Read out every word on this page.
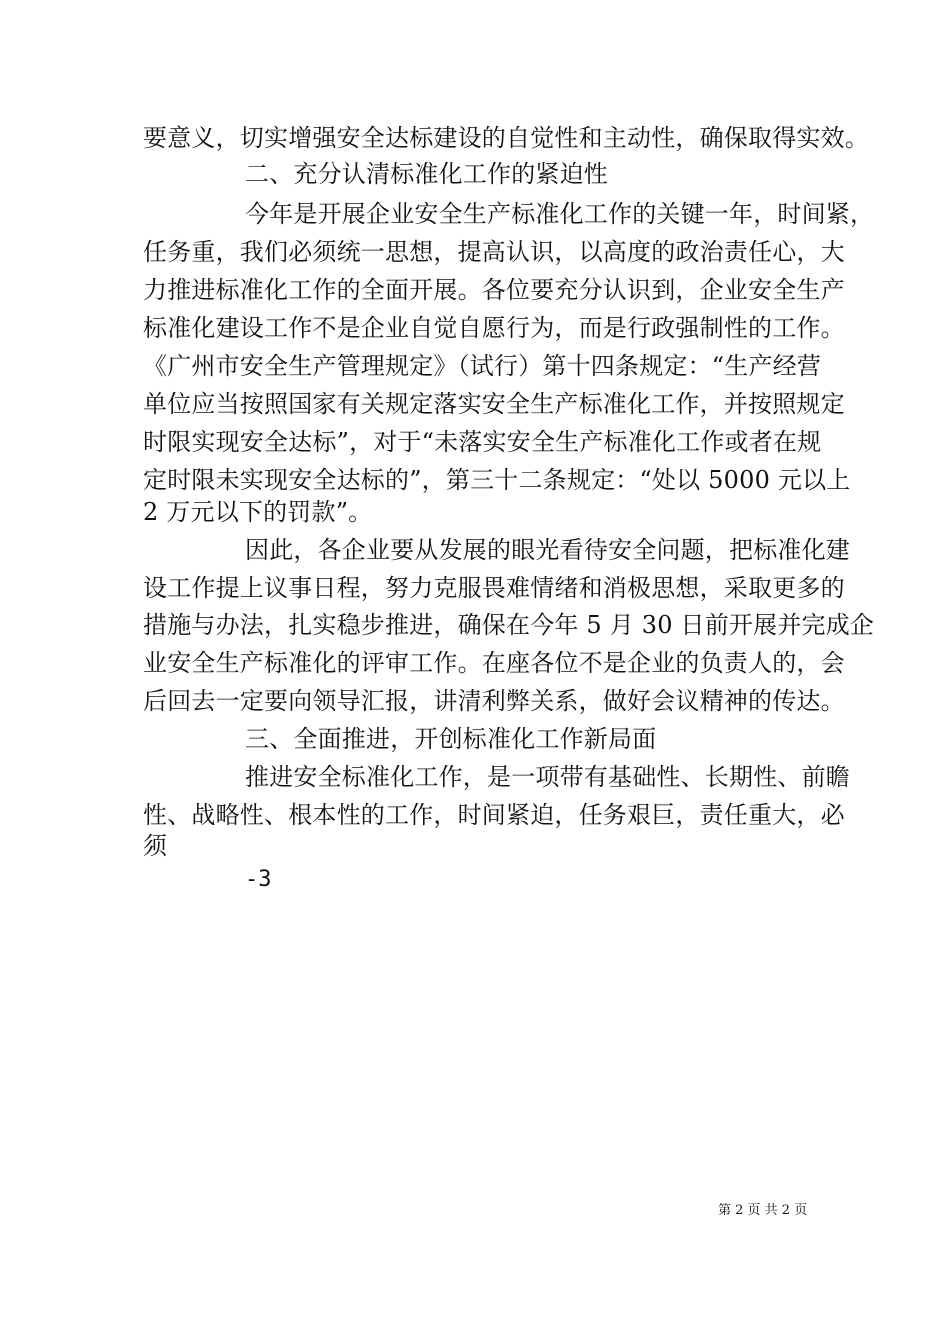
要意义，切实增强安全达标建设的自觉性和主动性，确保取得实效。
二、充分认清标准化工作的紧迫性
今年是开展企业安全生产标准化工作的关键一年，时间紧，
任务重，我们必须统一思想，提高认识，以高度的政治责任心，大
力推进标准化工作的全面开展。各位要充分认识到，企业安全生产
标准化建设工作不是企业自觉自愿行为，而是行政强制性的工作。
《广州市安全生产管理规定》（试行）第十四条规定：“生产经营
单位应当按照国家有关规定落实安全生产标准化工作，并按照规定
时限实现安全达标”，对于“未落实安全生产标准化工作或者在规
定时限未实现安全达标的”，第三十二条规定：“处以 5000 元以上
2 万元以下的罚款”。
因此，各企业要从发展的眼光看待安全问题，把标准化建
设工作提上议事日程，努力克服畏难情绪和消极思想，采取更多的
措施与办法，扎实稳步推进，确保在今年 5 月 30 日前开展并完成企
业安全生产标准化的评审工作。在座各位不是企业的负责人的，会
后回去一定要向领导汇报，讲清利弊关系，做好会议精神的传达。
三、全面推进，开创标准化工作新局面
推进安全标准化工作，是一项带有基础性、长期性、前瞻
性、战略性、根本性的工作，时间紧迫，任务艰巨，责任重大，必
须
-3
第 2 页 共 2 页
